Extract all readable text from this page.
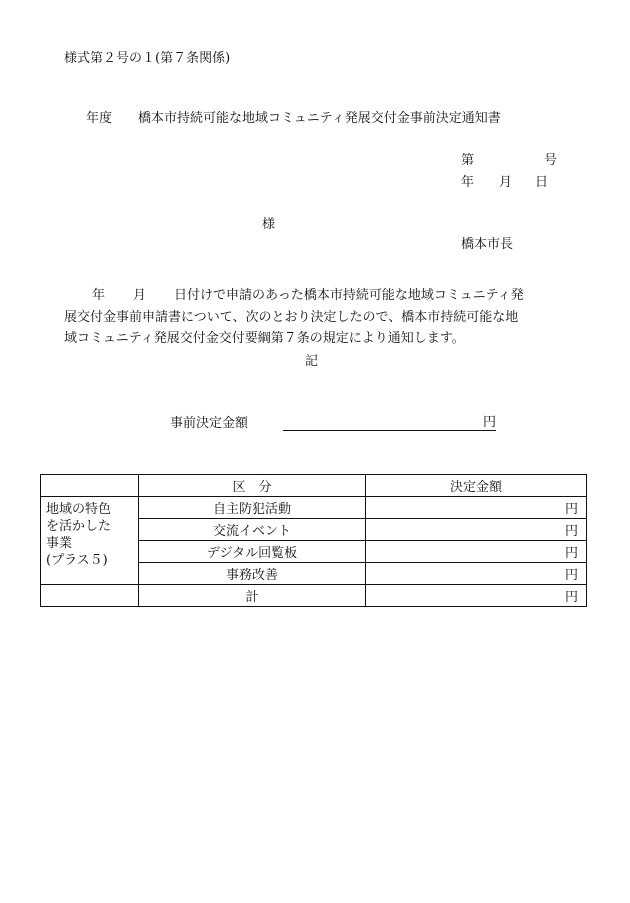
様式第２号の１(第７条関係)
年度 橋本市持続可能な地域コミュニティ発展交付金事前決定通知書
第	号
年 月 日
様
橋本市長
年 月 日付けで申請のあった橋本市持続可能な地域コミュニティ発
展交付金事前申請書について、次のとおり決定したので、橋本市持続可能な地
域コミュニティ発展交付金交付要綱第７条の規定により通知します。
記
事前決定金額	円
	区　分	決定金額

地域の特色
を活かした
事業
(プラス５)	自主防犯活動	円
	交流イベント	円
	デジタル回覧板	円
	事務改善	円
	計	円
